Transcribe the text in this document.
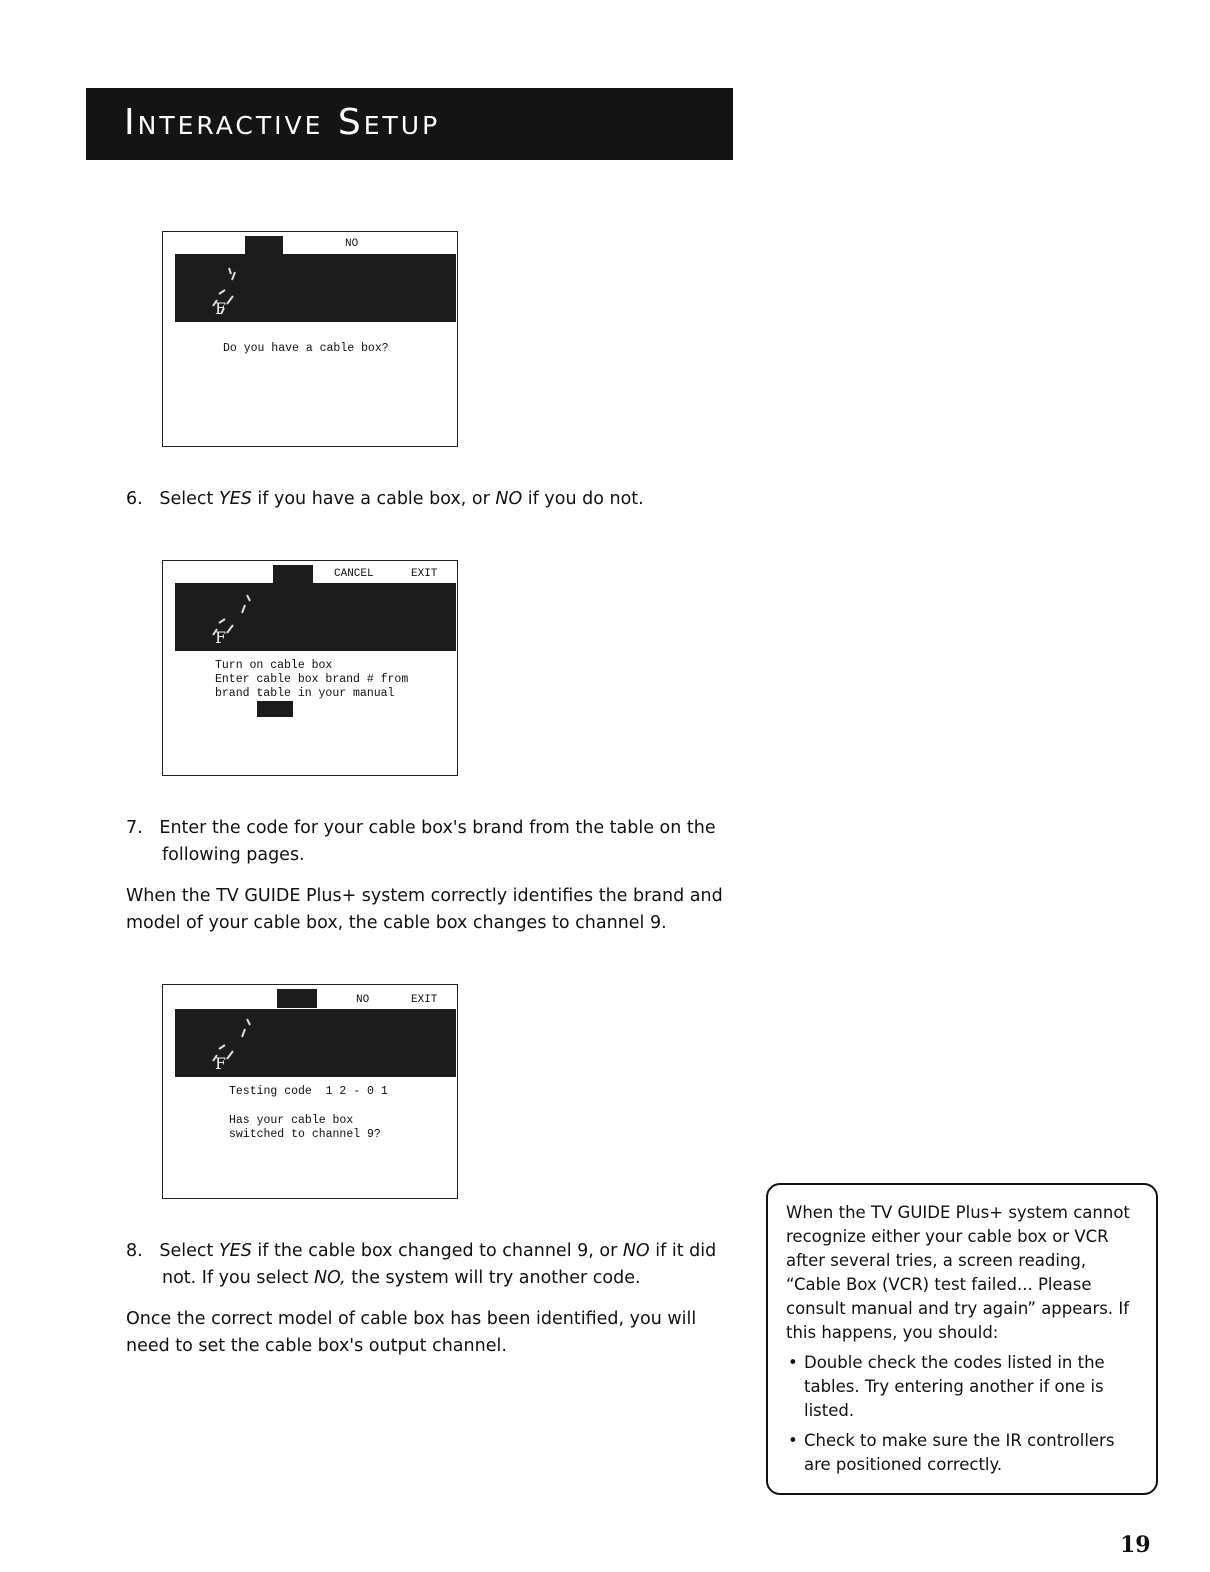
Interactive Setup
NO
F
Do you have a cable box?
6. Select YES if you have a cable box, or NO if you do not.
CANCEL	EXIT
F
Turn on cable box
Enter cable box brand # from
brand table in your manual
7. Enter the code for your cable box's brand from the table on the
following pages.
When the TV GUIDE Plus+ system correctly identifies the brand and
model of your cable box, the cable box changes to channel 9.
NO	EXIT
F
Testing code  1 2 - 0 1
Has your cable box
switched to channel 9?
8. Select YES if the cable box changed to channel 9, or NO if it did
not. If you select NO, the system will try another code.
Once the correct model of cable box has been identified, you will
need to set the cable box's output channel.
When the TV GUIDE Plus+ system cannot recognize either your cable box or VCR after several tries, a screen reading, “Cable Box (VCR) test failed... Please consult manual and try again” appears. If this happens, you should:
• Double check the codes listed in the tables. Try entering another if one is listed.
• Check to make sure the IR controllers are positioned correctly.
19
